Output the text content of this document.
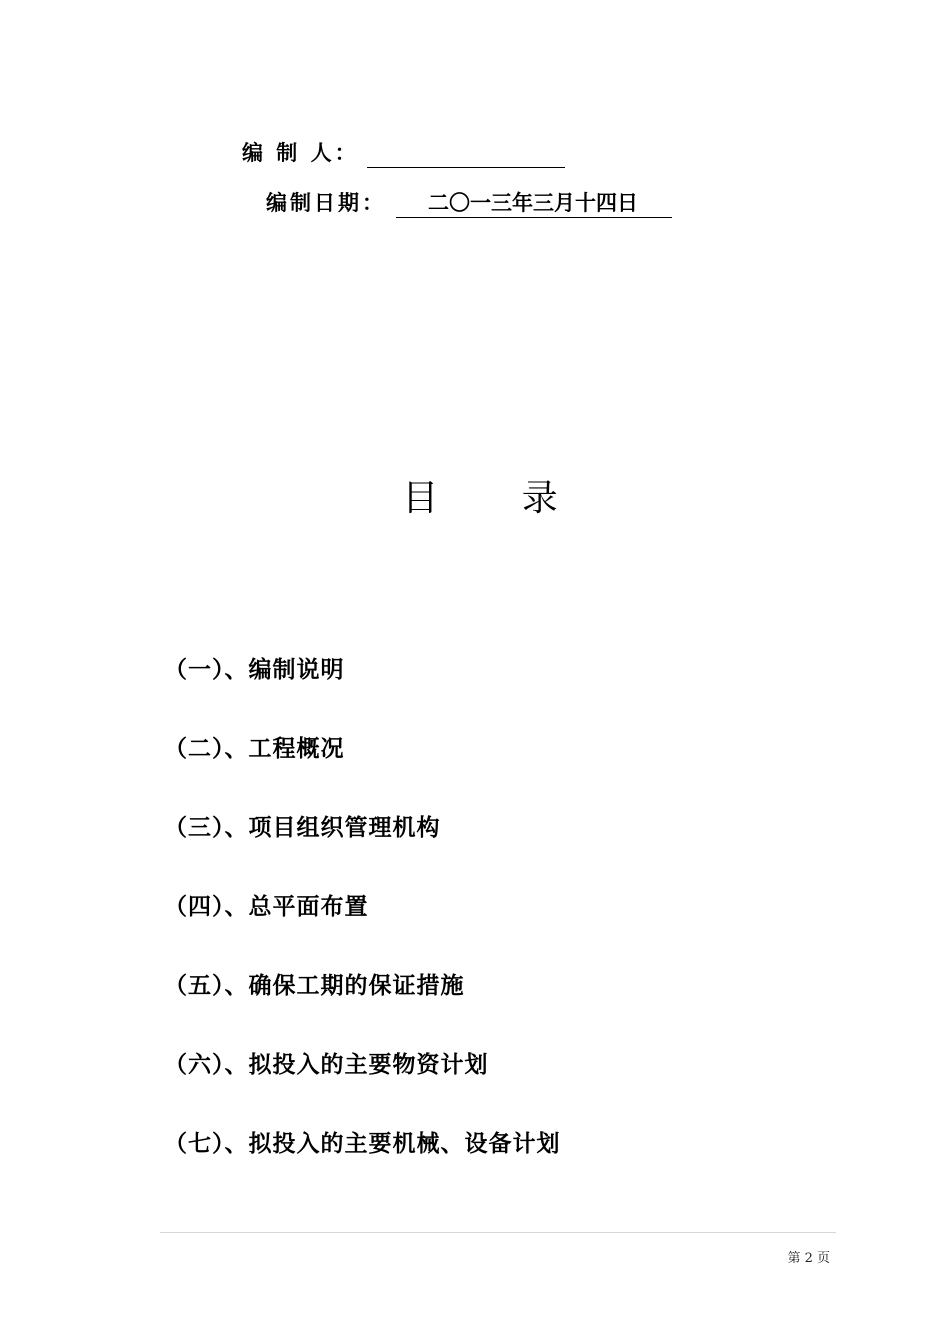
编 制 人：
编制日期：	二〇一三年三月十四日
目 录
（一）、编制说明
（二）、工程概况
（三）、项目组织管理机构
（四）、总平面布置
（五）、确保工期的保证措施
（六）、拟投入的主要物资计划
（七）、拟投入的主要机械、设备计划
第 2 页
